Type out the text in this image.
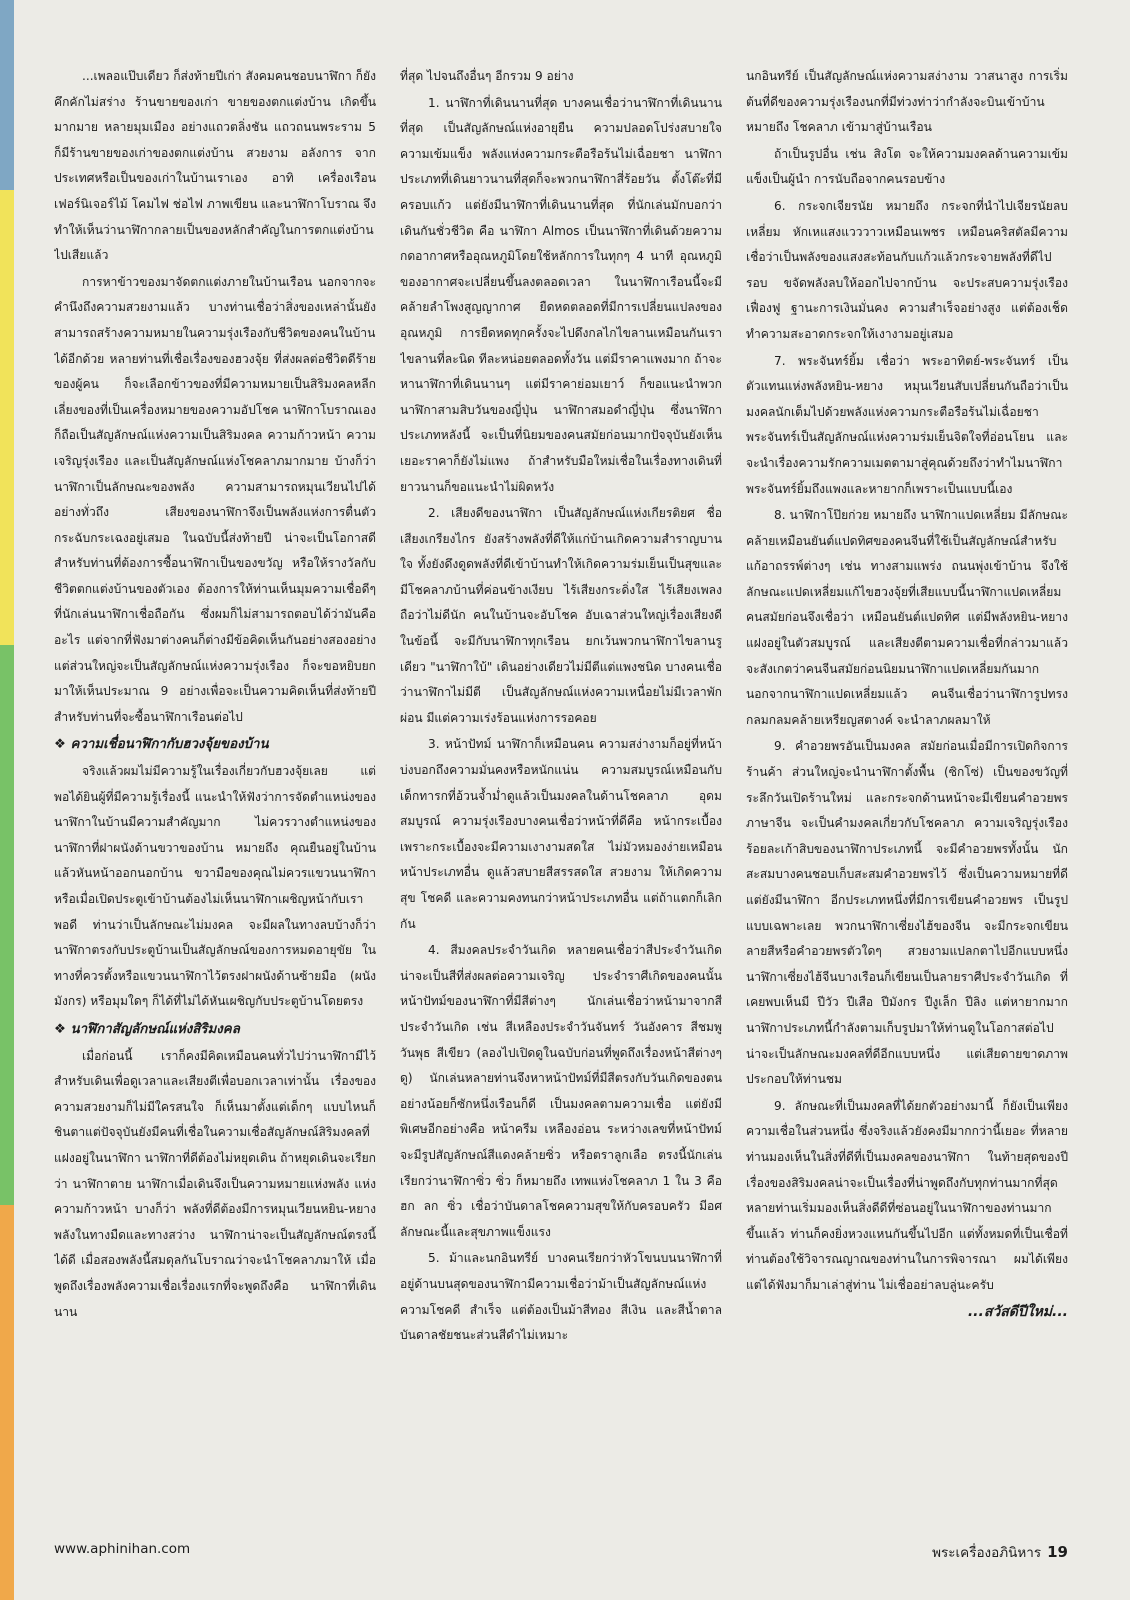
...เพลอแป๊บเดียว ก็ส่งท้ายปีเก่า สังคมคนชอบนาฬิกา ก็ยังคึกคักไม่สร่าง ร้านขายของเก่า ขายของตกแต่งบ้าน เกิดขึ้นมากมาย หลายมุมเมือง อย่างแถวตลิ่งชัน แถวถนนพระราม 5 ก็มีร้านขายของเก่าของตกแต่งบ้าน สวยงาม อลังการ จากประเทศหรือเป็นของเก่าในบ้านเราเอง อาทิ เครื่องเรือน เฟอร์นิเจอร์ไม้ โคมไฟ ช่อไฟ ภาพเขียน และนาฬิกาโบราณ จึงทำให้เห็นว่านาฬิกากลายเป็นของหลักสำคัญในการตกแต่งบ้านไปเสียแล้ว

การหาข้าวของมาจัดตกแต่งภายในบ้านเรือน นอกจากจะคำนึงถึงความสวยงามแล้ว บางท่านเชื่อว่าสิ่งของเหล่านั้นยังสามารถสร้างความหมายในความรุ่งเรืองกับชีวิตของคนในบ้านได้อีกด้วย หลายท่านที่เชื่อเรื่องของฮวงจุ้ย ที่ส่งผลต่อชีวิตดีร้ายของผู้คน ก็จะเลือกข้าวของที่มีความหมายเป็นสิริมงคลหลีกเลี่ยงของที่เป็นเครื่องหมายของความอัปโชค นาฬิกาโบราณเองก็ถือเป็นสัญลักษณ์แห่งความเป็นสิริมงคล ความก้าวหน้า ความเจริญรุ่งเรือง และเป็นสัญลักษณ์แห่งโชคลาภมากมาย บ้างก็ว่านาฬิกาเป็นลักษณะของพลัง ความสามารถหมุนเวียนไปได้อย่างทั่วถึง เสียงของนาฬิกาจึงเป็นพลังแห่งการตื่นตัว กระฉับกระเฉงอยู่เสมอ ในฉบับนี้ส่งท้ายปี น่าจะเป็นโอกาสดีสำหรับท่านที่ต้องการซื้อนาฬิกาเป็นของขวัญ หรือให้รางวัลกับชีวิตตกแต่งบ้านของตัวเอง ต้องการให้ท่านเห็นมุมความเชื่อดีๆ ที่นักเล่นนาฬิกาเชื่อถือกัน ซึ่งผมก็ไม่สามารถตอบได้ว่ามันคืออะไร แต่จากที่ฟังมาต่างคนก็ต่างมีข้อคิดเห็นกันอย่างสองอย่าง แต่ส่วนใหญ่จะเป็นสัญลักษณ์แห่งความรุ่งเรือง ก็จะขอหยิบยกมาให้เห็นประมาณ 9 อย่างเพื่อจะเป็นความคิดเห็นที่ส่งท้ายปี สำหรับท่านที่จะซื้อนาฬิกาเรือนต่อไป

❖ ความเชื่อนาฬิกากับฮวงจุ้ยของบ้าน

จริงแล้วผมไม่มีความรู้ในเรื่องเกี่ยวกับฮวงจุ้ยเลย แต่พอได้ยินผู้ที่มีความรู้เรื่องนี้ แนะนำให้ฟังว่าการจัดตำแหน่งของนาฬิกาในบ้านมีความสำคัญมาก ไม่ควรวางตำแหน่งของนาฬิกาที่ฝาผนังด้านขวาของบ้าน หมายถึง คุณยืนอยู่ในบ้านแล้วหันหน้าออกนอกบ้าน ขวามือของคุณไม่ควรแขวนนาฬิกาหรือเมื่อเปิดประตูเข้าบ้านต้องไม่เห็นนาฬิกาเผชิญหน้ากับเราพอดี ท่านว่าเป็นลักษณะไม่มงคล จะมีผลในทางลบบ้างก็ว่า นาฬิกาตรงกับประตูบ้านเป็นสัญลักษณ์ของการหมดอายุขัย ในทางที่ควรตั้งหรือแขวนนาฬิกาไว้ตรงฝาผนังด้านซ้ายมือ (ผนังมังกร) หรือมุมใดๆ ก็ได้ที่ไม่ได้หันเผชิญกับประตูบ้านโดยตรง

❖ นาฬิกาสัญลักษณ์แห่งสิริมงคล

เมื่อก่อนนี้ เราก็คงมีคิดเหมือนคนทั่วไปว่านาฬิกามีไว้สำหรับเดินเพื่อดูเวลาและเสียงตีเพื่อบอกเวลาเท่านั้น เรื่องของความสวยงามก็ไม่มีใครสนใจ ก็เห็นมาตั้งแต่เด็กๆ แบบไหนก็ชินตาแต่ปัจจุบันยังมีคนที่เชื่อในความเชื่อสัญลักษณ์สิริมงคลที่แฝงอยู่ในนาฬิกา นาฬิกาที่ดีต้องไม่หยุดเดิน ถ้าหยุดเดินจะเรียกว่า นาฬิกาตาย นาฬิกาเมื่อเดินจึงเป็นความหมายแห่งพลัง แห่งความก้าวหน้า บางก็ว่า พลังที่ดีต้องมีการหมุนเวียนหยิน-หยาง พลังในทางมืดและทางสว่าง นาฬิกาน่าจะเป็นสัญลักษณ์ตรงนี้ได้ดี เมื่อสองพลังนี้สมดุลกันโบราณว่าจะนำโชคลาภมาให้ เมื่อพูดถึงเรื่องพลังความเชื่อเรื่องแรกที่จะพูดถึงคือ นาฬิกาที่เดินนาน

ที่สุด ไปจนถึงอื่นๆ อีกรวม 9 อย่าง

1. นาฬิกาที่เดินนานที่สุด บางคนเชื่อว่านาฬิกาที่เดินนานที่สุด เป็นสัญลักษณ์แห่งอายุยืน ความปลอดโปร่งสบายใจ ความเข้มแข็ง พลังแห่งความกระตือรือร้นไม่เฉื่อยชา นาฬิกาประเภทที่เดินยาวนานที่สุดก็จะพวกนาฬิกาสี่ร้อยวัน ตั้งโต๊ะที่มีครอบแก้ว แต่ยังมีนาฬิกาที่เดินนานที่สุด ที่นักเล่นมักบอกว่าเดินกันชั่วชีวิต คือ นาฬิกา Almos เป็นนาฬิกาที่เดินด้วยความกดอากาศหรืออุณหภูมิโดยใช้หลักการในทุกๆ 4 นาที อุณหภูมิของอากาศจะเปลี่ยนขึ้นลงตลอดเวลา ในนาฬิกาเรือนนี้จะมีคล้ายลำโพงสูญญากาศ ยืดหดตลอดที่มีการเปลี่ยนแปลงของอุณหภูมิ การยืดหดทุกครั้งจะไปดึงกลไกไขลานเหมือนกันเราไขลานที่ละนิด ทีละหน่อยตลอดทั้งวัน แต่มีราคาแพงมาก ถ้าจะหานาฬิกาที่เดินนานๆ แต่มีราคาย่อมเยาว์ ก็ขอแนะนำพวกนาฬิกาสามสิบวันของญี่ปุ่น นาฬิกาสมอดำญี่ปุ่น ซึ่งนาฬิกาประเภทหลังนี้ จะเป็นที่นิยมของคนสมัยก่อนมากปัจจุบันยังเห็นเยอะราคาก็ยังไม่แพง ถ้าสำหรับมือใหม่เชื่อในเรื่องทางเดินที่ยาวนานก็ขอแนะนำไม่ผิดหวัง

2. เสียงดีของนาฬิกา เป็นสัญลักษณ์แห่งเกียรติยศ ชื่อเสียงเกรียงไกร ยังสร้างพลังที่ดีให้แก่บ้านเกิดความสำราญบานใจ ทั้งยังดึงดูดพลังที่ดีเข้าบ้านทำให้เกิดความร่มเย็นเป็นสุขและมีโชคลาภบ้านที่ค่อนข้างเงียบ ไร้เสียงกระดิ่งใส ไร้เสียงเพลง ถือว่าไม่ดีนัก คนในบ้านจะอับโชค อับเฉาส่วนใหญ่เรื่องเสียงดีในข้อนี้ จะมีกับนาฬิกาทุกเรือน ยกเว้นพวกนาฬิกาไขลานรูเดียว "นาฬิกาใบ้" เดินอย่างเดียวไม่มีตีแต่แพงชนิด บางคนเชื่อว่านาฬิกาไม่มีตี เป็นสัญลักษณ์แห่งความเหนื่อยไม่มีเวลาพักผ่อน มีแต่ความเร่งร้อนแห่งการรอคอย

3. หน้าปัทม์ นาฬิกาก็เหมือนคน ความสง่างามก็อยู่ที่หน้า บ่งบอกถึงความมั่นคงหรือหนักแน่น ความสมบูรณ์เหมือนกับเด็กทารกที่อ้วนจ้ำม่ำดูแล้วเป็นมงคลในด้านโชคลาภ อุดมสมบูรณ์ ความรุ่งเรืองบางคนเชื่อว่าหน้าที่ดีคือ หน้ากระเบื้อง เพราะกระเบื้องจะมีความเงางามสดใส ไม่มัวหมองง่ายเหมือนหน้าประเภทอื่น ดูแล้วสบายสีสรรสดใส สวยงาม ให้เกิดความสุข โชคดี และความคงทนกว่าหน้าประเภทอื่น แต่ถ้าแตกก็เลิกกัน

4. สีมงคลประจำวันเกิด หลายคนเชื่อว่าสีประจำวันเกิดน่าจะเป็นสีที่ส่งผลต่อความเจริญ ประจำราศีเกิดของคนนั้น หน้าปัทม์ของนาฬิกาที่มีสีต่างๆ นักเล่นเชื่อว่าหน้ามาจากสีประจำวันเกิด เช่น สีเหลืองประจำวันจันทร์ วันอังคาร สีชมพู วันพุธ สีเขียว (ลองไปเปิดดูในฉบับก่อนที่พูดถึงเรื่องหน้าสีต่างๆ ดู) นักเล่นหลายท่านจึงหาหน้าปัทม์ที่มีสีตรงกับวันเกิดของตน อย่างน้อยก็ซักหนึ่งเรือนก็ดี เป็นมงคลตามความเชื่อ แต่ยังมีพิเศษอีกอย่างคือ หน้าครีม เหลืองอ่อน ระหว่างเลขที่หน้าปัทม์จะมีรูปสัญลักษณ์สีแดงคล้ายซิ่ว หรือตราลูกเลือ ตรงนี้นักเล่นเรียกว่านาฬิกาซิ่ว ซิ่ว ก็หมายถึง เทพแห่งโชคลาภ 1 ใน 3 คือ ฮก ลก ซิ่ว เชื่อว่าบันดาลโชคความสุขให้กับครอบครัว มีอศลักษณะนี้และสุขภาพแข็งแรง

5. ม้าและนกอินทรีย์ บางคนเรียกว่าหัวโขนบนนาฬิกาที่อยู่ด้านบนสุดของนาฬิกามีความเชื่อว่าม้าเป็นสัญลักษณ์แห่งความโชคดี สำเร็จ แต่ต้องเป็นม้าสีทอง สีเงิน และสีน้ำตาล บันดาลชัยชนะส่วนสีดำไม่เหมาะ

นกอินทรีย์ เป็นสัญลักษณ์แห่งความสง่างาม วาสนาสูง การเริ่มต้นที่ดีของความรุ่งเรืองนกที่มีท่วงท่าว่ากำลังจะบินเข้าบ้าน หมายถึง โชคลาภ เข้ามาสู่บ้านเรือน

ถ้าเป็นรูปอื่น เช่น สิงโต จะให้ความมงคลด้านความเข้มแข็งเป็นผู้นำ การนับถือจากคนรอบข้าง

6. กระจกเจียรนัย หมายถึง กระจกที่นำไปเจียรนัยลบเหลี่ยม หักเหแสงแวววาวเหมือนเพชร เหมือนคริสตัลมีความเชื่อว่าเป็นพลังของแสงสะท้อนกับแก้วแล้วกระจายพลังที่ดีไปรอบ ขจัดพลังลบให้ออกไปจากบ้าน จะประสบความรุ่งเรือง เฟื่องฟู ฐานะการเงินมั่นคง ความสำเร็จอย่างสูง แต่ต้องเช็ดทำความสะอาดกระจกให้เงางามอยู่เสมอ

7. พระจันทร์ยิ้ม เชื่อว่า พระอาทิตย์-พระจันทร์ เป็นตัวแทนแห่งพลังหยิน-หยาง หมุนเวียนสับเปลี่ยนกันถือว่าเป็นมงคลนักเต็มไปด้วยพลังแห่งความกระตือรือร้นไม่เฉื่อยชา พระจันทร์เป็นสัญลักษณ์แห่งความร่มเย็นจิตใจที่อ่อนโยน และจะนำเรื่องความรักความเมตตามาสู่คุณด้วยถึงว่าทำไมนาฬิกาพระจันทร์ยิ้มถึงแพงและหายากก็เพราะเป็นแบบนี้เอง

8. นาฬิกาโป๊ยก่วย หมายถึง นาฬิกาแปดเหลี่ยม มีลักษณะคล้ายเหมือนยันต์แปดทิศของคนจีนที่ใช้เป็นสัญลักษณ์สำหรับแก้อาถรรพ์ต่างๆ เช่น ทางสามแพร่ง ถนนพุ่งเข้าบ้าน จึงใช้ลักษณะแปดเหลี่ยมแก้ไขฮวงจุ้ยที่เสียแบบนี้นาฬิกาแปดเหลี่ยมคนสมัยก่อนจึงเชื่อว่า เหมือนยันต์แปดทิศ แต่มีพลังหยิน-หยาง แฝงอยู่ในตัวสมบูรณ์ และเสียงตีตามความเชื่อที่กล่าวมาแล้ว จะสังเกตว่าคนจีนสมัยก่อนนิยมนาฬิกาแปดเหลี่ยมกันมาก นอกจากนาฬิกาแปดเหลี่ยมแล้ว คนจีนเชื่อว่านาฬิการูปทรงกลมกลมคล้ายเหรียญสตางค์ จะนำลาภผลมาให้

9. คำอวยพรอันเป็นมงคล สมัยก่อนเมื่อมีการเปิดกิจการร้านค้า ส่วนใหญ่จะนำนาฬิกาตั้งพื้น (ซิกโซ่) เป็นของขวัญที่ระลึกวันเปิดร้านใหม่ และกระจกด้านหน้าจะมีเขียนคำอวยพรภาษาจีน จะเป็นคำมงคลเกี่ยวกับโชคลาภ ความเจริญรุ่งเรือง ร้อยละเก้าสิบของนาฬิกาประเภทนี้ จะมีคำอวยพรทั้งนั้น นักสะสมบางคนชอบเก็บสะสมคำอวยพรไว้ ซึ่งเป็นความหมายที่ดี แต่ยังมีนาฬิกา อีกประเภทหนึ่งที่มีการเขียนคำอวยพร เป็นรูปแบบเฉพาะเลย พวกนาฬิกาเซี่ยงไฮ้ของจีน จะมีกระจกเขียนลายสีหรือคำอวยพรตัวใดๆ สวยงามแปลกตาไปอีกแบบหนึ่ง นาฬิกาเซี่ยงไฮ้จีนบางเรือนก็เขียนเป็นลายราศีประจำวันเกิด ที่เคยพบเห็นมี ปีวัว ปีเสือ ปีมังกร ปีงูเล็ก ปีลิง แต่หายากมาก นาฬิกาประเภทนี้กำลังตามเก็บรูปมาให้ท่านดูในโอกาสต่อไปน่าจะเป็นลักษณะมงคลที่ดีอีกแบบหนึ่ง แต่เสียดายขาดภาพประกอบให้ท่านชม

9. ลักษณะที่เป็นมงคลที่ได้ยกตัวอย่างมานี้ ก็ยังเป็นเพียงความเชื่อในส่วนหนึ่ง ซึ่งจริงแล้วยังคงมีมากกว่านี้เยอะ ที่หลายท่านมองเห็นในสิ่งที่ดีที่เป็นมงคลของนาฬิกา ในท้ายสุดของปีเรื่องของสิริมงคลน่าจะเป็นเรื่องที่น่าพูดถึงกับทุกท่านมากที่สุด หลายท่านเริ่มมองเห็นสิ่งดีดีที่ซ่อนอยู่ในนาฬิกาของท่านมากขึ้นแล้ว ท่านก็คงยิ่งหวงแหนกันขึ้นไปอีก แต่ทั้งหมดที่เป็นเชื่อที่ท่านต้องใช้วิจารณญาณของท่านในการพิจารณา ผมได้เพียงแต่ได้ฟังมาก็มาเล่าสู่ท่าน ไม่เชื่ออย่าลบลู่นะครับ

...สวัสดีปีใหม่...

www.aphinihan.com	พระเครื่องอภินิหาร 19
